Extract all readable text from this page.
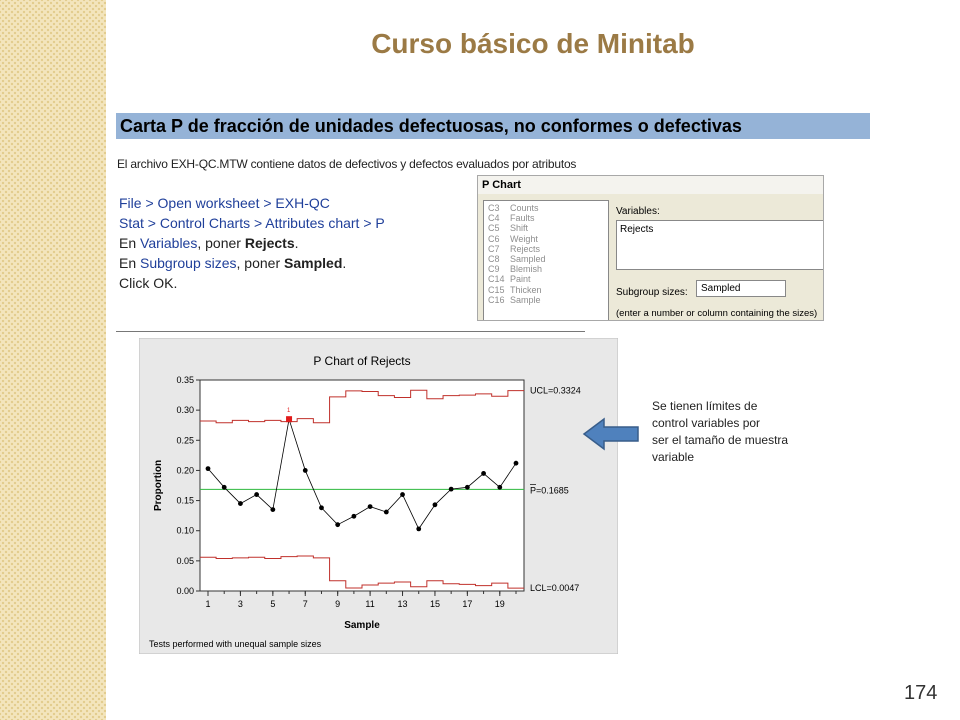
Curso básico de Minitab
Carta P de fracción de unidades defectuosas, no conformes o defectivas
El archivo EXH-QC.MTW contiene datos de defectivos y defectos evaluados por atributos
File > Open worksheet > EXH-QC
Stat > Control Charts > Attributes chart > P
En Variables, poner Rejects.
En Subgroup sizes, poner Sampled.
Click OK.
P Chart
C3 Counts
C4 Faults
C5 Shift
C6 Weight
C7 Rejects
C8 Sampled
C9 Blemish
C14 Paint
C15 Thicken
C16 Sample
Variables:
Rejects
Subgroup sizes:	Sampled
(enter a number or column containing the sizes)
P Chart of Rejects
Proportion
Sample
Tests performed with unequal sample sizes
0.00
0.05
0.10
0.15
0.20
0.25
0.30
0.35
1	3	5	7	9	11	13 15 17 19
1
UCL=0.3324
P=0.1685
LCL=0.0047
Se tienen límites de
control variables por
ser el tamaño de muestra
variable
174
